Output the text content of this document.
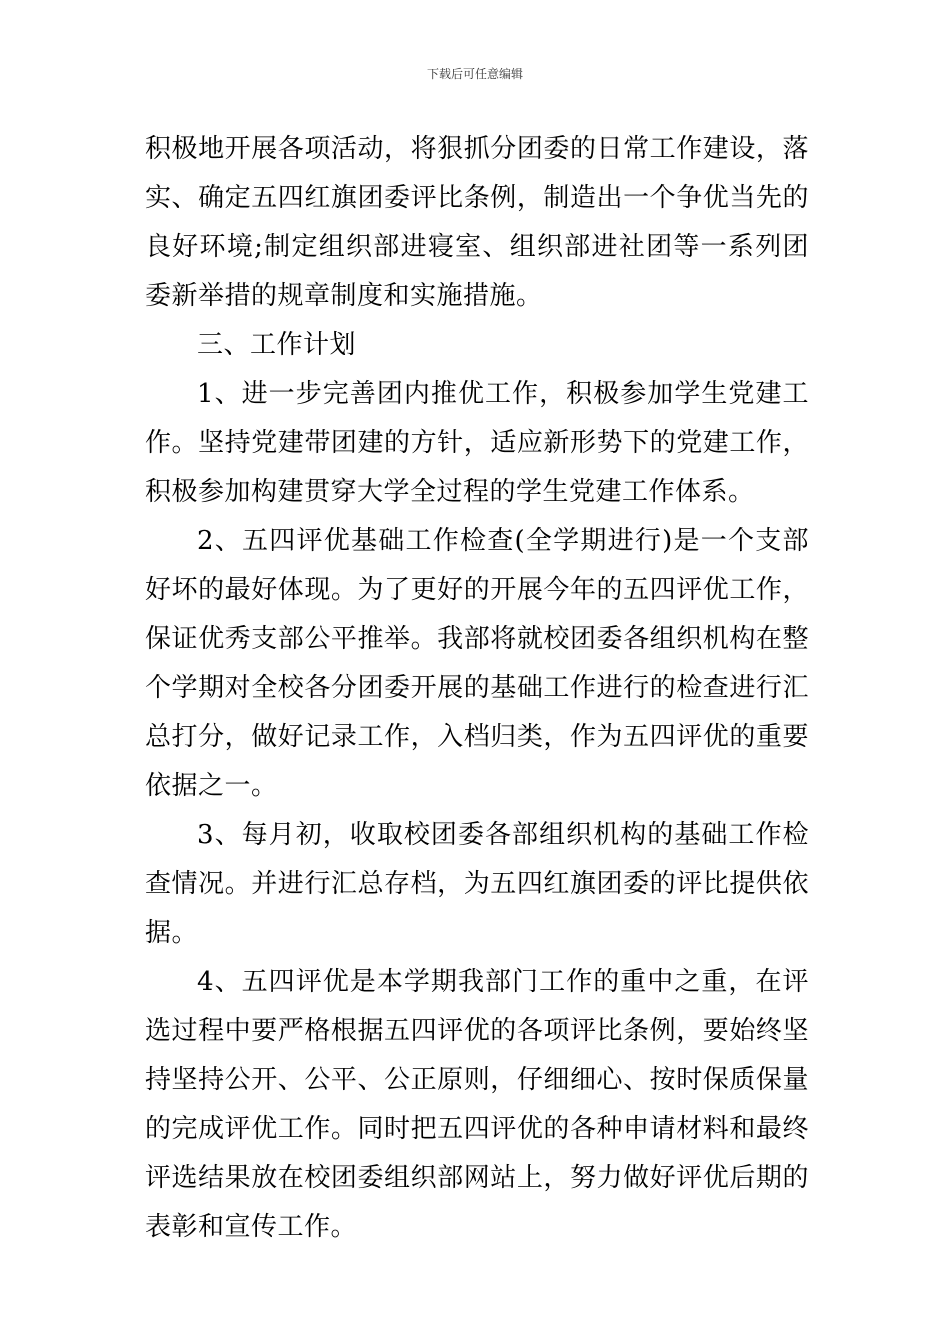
下载后可任意编辑

积极地开展各项活动，将狠抓分团委的日常工作建设，落实、确定五四红旗团委评比条例，制造出一个争优当先的良好环境;制定组织部进寝室、组织部进社团等一系列团委新举措的规章制度和实施措施。

三、工作计划

1、进一步完善团内推优工作，积极参加学生党建工作。坚持党建带团建的方针，适应新形势下的党建工作，积极参加构建贯穿大学全过程的学生党建工作体系。

2、五四评优基础工作检查(全学期进行)是一个支部好坏的最好体现。为了更好的开展今年的五四评优工作，保证优秀支部公平推举。我部将就校团委各组织机构在整个学期对全校各分团委开展的基础工作进行的检查进行汇总打分，做好记录工作，入档归类，作为五四评优的重要依据之一。

3、每月初，收取校团委各部组织机构的基础工作检查情况。并进行汇总存档，为五四红旗团委的评比提供依据。

4、五四评优是本学期我部门工作的重中之重，在评选过程中要严格根据五四评优的各项评比条例，要始终坚持坚持公开、公平、公正原则，仔细细心、按时保质保量的完成评优工作。同时把五四评优的各种申请材料和最终评选结果放在校团委组织部网站上，努力做好评优后期的表彰和宣传工作。
